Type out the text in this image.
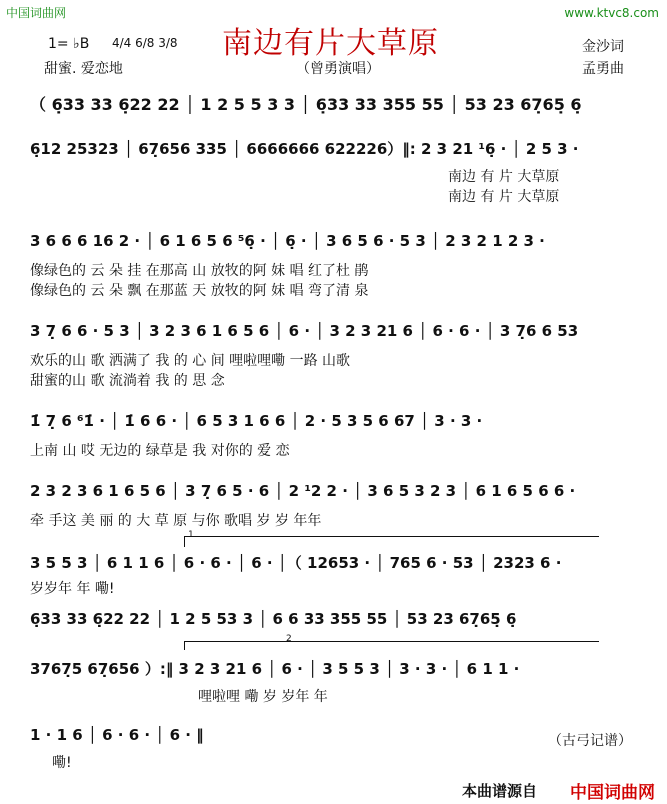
中国词曲网	www.ktvc8.com
南边有片大草原
1= ♭B 4/4 6/8 3/8
甜蜜. 爱恋地	（曾勇演唱）
金沙词
孟勇曲
（ 6̣33 33 6̣22 22 │ 1 2 5 5 3 3 │ 6̣33 33 355 55 │ 53 23 67̣65̣ 6̣
6̣12 25323 │ 67̣656 335 │ 6666666 622226）‖: 2 3 21 ¹6̣ · │ 2 5 3 ·
南边 有 片 大草原
南边 有 片 大草原
3 6 6 6 16 2 · │ 6 1 6 5 6 ⁵6̣ · │ 6̣ · │ 3 6 5 6 · 5 3 │ 2 3 2 1 2 3 ·
像绿色的 云 朵 挂 在那高 山 放牧的阿 妹 唱 红了杜 鹃
像绿色的 云 朵 飘 在那蓝 天 放牧的阿 妹 唱 弯了清 泉
3 7̣ 6 6 · 5 3 │ 3 2 3 6 1 6 5 6 │ 6 · │ 3 2 3 21 6 │ 6 · 6 · │ 3 7̣6 6 53
欢乐的山 歌 洒满了 我 的 心 间 哩啦哩嘞 一路 山歌
甜蜜的山 歌 流淌着 我 的 思 念
1̇ 7̣ 6 ⁶1̇ · │ 1̇ 6 6 · │ 6 5 3 1 6 6 │ 2 · 5 3 5 6 67 │ 3 · 3 ·
上南 山 哎 无边的 绿草是 我 对你的 爱 恋
2 3 2 3 6 1 6 5 6 │ 3 7̣ 6 5 · 6 │ 2 ¹2 2 · │ 3 6 5 3 2 3 │ 6 1 6 5 6 6 ·
牵 手这 美 丽 的 大 草 原 与你 歌唱 岁 岁 年年
3 5 5 3 │ 6 1 1 6 │ 6 · 6 · │ 6 · │（ 12653 · │ 765 6 · 53 │ 2323 6 ·
岁岁年 年 嘞!
1
6̣33 33 6̣22 22 │ 1 2 5 53 3 │ 6 6 33 355 55 │ 53 23 67̣65̣ 6̣
2
3767̣5 67̣656 ）:‖ 3 2 3 21 6 │ 6 · │ 3 5 5 3 │ 3 · 3 · │ 6 1 1 ·
哩啦哩 嘞 岁 岁年 年
1 · 1 6 │ 6 · 6 · │ 6 · ‖
嘞!
（古弓记谱）
本曲谱源自 中国词曲网
